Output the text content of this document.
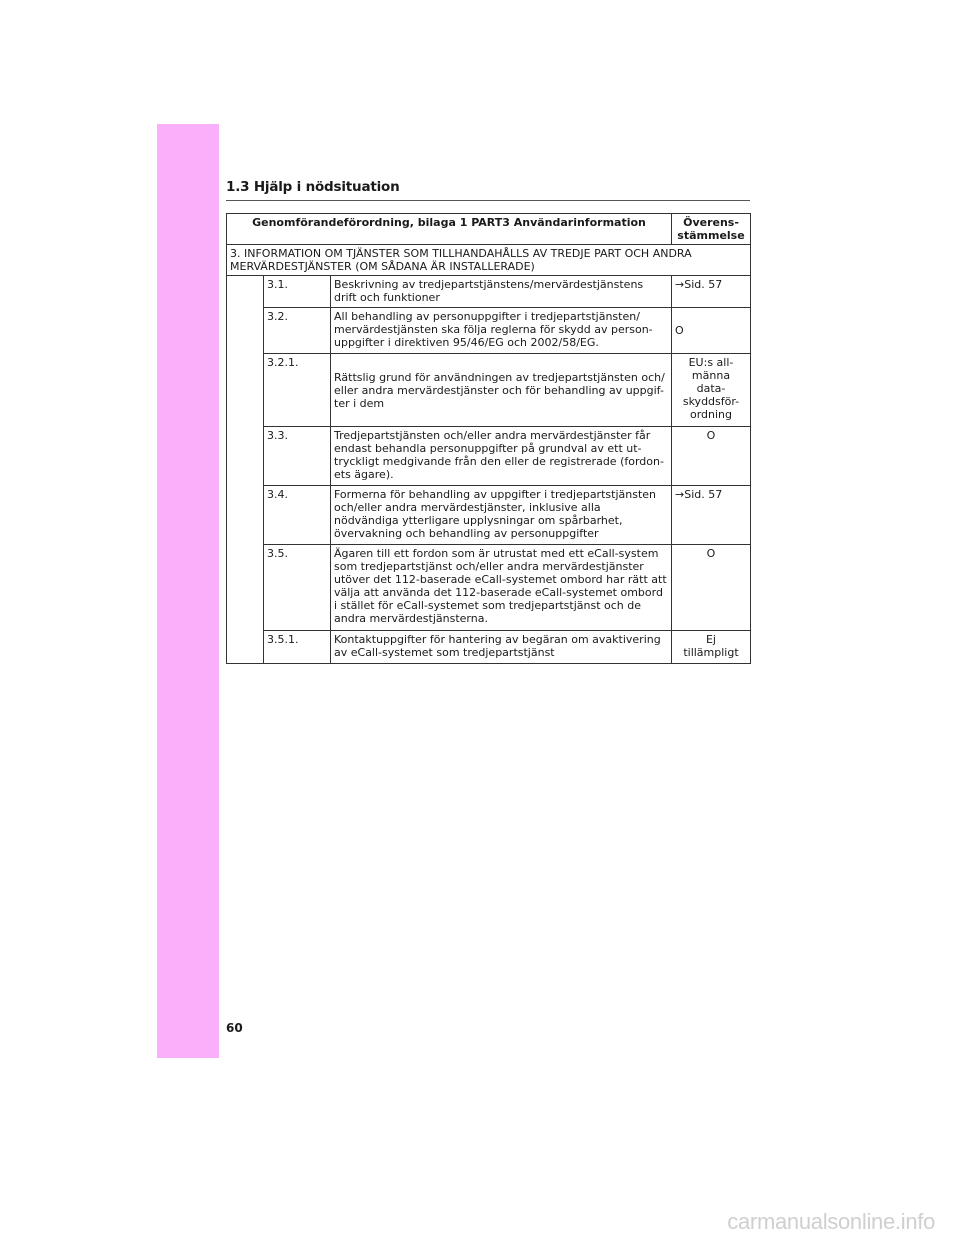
1.3 Hjälp i nödsituation
Genomförandeförordning, bilaga 1 PART3 Användarinformation			Överens-
stämmelse
3. INFORMATION OM TJÄNSTER SOM TILLHANDAHÅLLS AV TREDJE PART OCH ANDRA MERVÄRDESTJÄNSTER (OM SÅDANA ÄR INSTALLERADE)			
	3.1.	Beskrivning av tredjepartstjänstens/mervärdestjänstens drift och funktioner	→Sid. 57
	3.2.	All behandling av personuppgifter i tredjepartstjänsten/ mervärdestjänsten ska följa reglerna för skydd av person-uppgifter i direktiven 95/46/EG och 2002/58/EG.	O
	3.2.1.	Rättslig grund för användningen av tredjepartstjänsten och/ eller andra mervärdestjänster och för behandling av uppgif-ter i dem	EU:s all-
männa
data-
skyddsför-
ordning
	3.3.	Tredjepartstjänsten och/eller andra mervärdestjänster får endast behandla personuppgifter på grundval av ett ut-tryckligt medgivande från den eller de registrerade (fordon-ets ägare).	O
	3.4.	Formerna för behandling av uppgifter i tredjepartstjänsten och/eller andra mervärdestjänster, inklusive alla nödvändiga ytterligare upplysningar om spårbarhet, övervakning och behandling av personuppgifter	→Sid. 57
	3.5.	Ägaren till ett fordon som är utrustat med ett eCall-system som tredjepartstjänst och/eller andra mervärdestjänster utöver det 112-baserade eCall-systemet ombord har rätt att välja att använda det 112-baserade eCall-systemet ombord i stället för eCall-systemet som tredjepartstjänst och de andra mervärdestjänsterna.	O
	3.5.1.	Kontaktuppgifter för hantering av begäran om avaktivering av eCall-systemet som tredjepartstjänst	Ej
tillämpligt
60
carmanualsonline.info
